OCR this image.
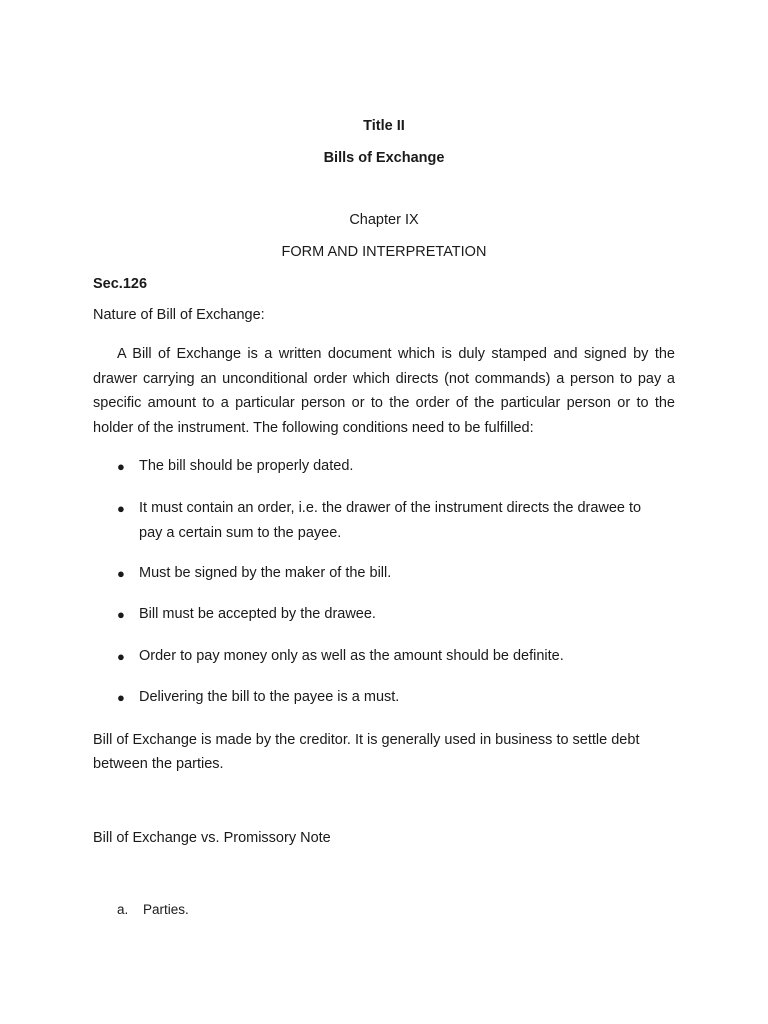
Title II
Bills of Exchange
Chapter IX
FORM AND INTERPRETATION
Sec.126
Nature of Bill of Exchange:
A Bill of Exchange is a written document which is duly stamped and signed by the drawer carrying an unconditional order which directs (not commands) a person to pay a specific amount to a particular person or to the order of the particular person or to the holder of the instrument. The following conditions need to be fulfilled:
● The bill should be properly dated.
● It must contain an order, i.e. the drawer of the instrument directs the drawee to pay a certain sum to the payee.
● Must be signed by the maker of the bill.
● Bill must be accepted by the drawee.
● Order to pay money only as well as the amount should be definite.
● Delivering the bill to the payee is a must.
Bill of Exchange is made by the creditor. It is generally used in business to settle debt between the parties.
Bill of Exchange vs. Promissory Note
a. Parties.
